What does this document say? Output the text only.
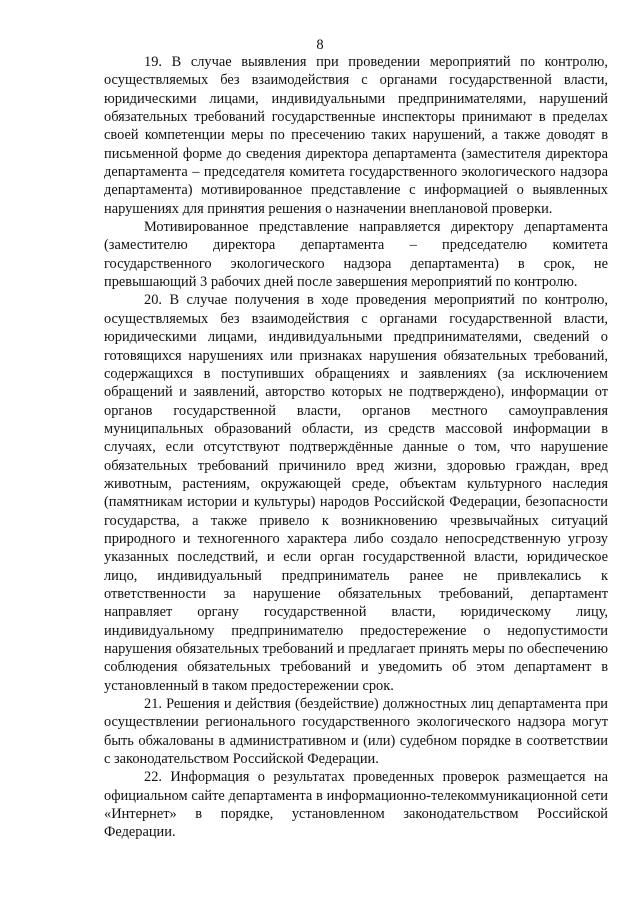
8

19. В случае выявления при проведении мероприятий по контролю, осуществляемых без взаимодействия с органами государственной власти, юридическими лицами, индивидуальными предпринимателями, нарушений обязательных требований государственные инспекторы принимают в пределах своей компетенции меры по пресечению таких нарушений, а также доводят в письменной форме до сведения директора департамента (заместителя директора департамента – председателя комитета государственного экологического надзора департамента) мотивированное представление с информацией о выявленных нарушениях для принятия решения о назначении внеплановой проверки.

Мотивированное представление направляется директору департамента (заместителю директора департамента – председателю комитета государственного экологического надзора департамента) в срок, не превышающий 3 рабочих дней после завершения мероприятий по контролю.

20. В случае получения в ходе проведения мероприятий по контролю, осуществляемых без взаимодействия с органами государственной власти, юридическими лицами, индивидуальными предпринимателями, сведений о готовящихся нарушениях или признаках нарушения обязательных требований, содержащихся в поступивших обращениях и заявлениях (за исключением обращений и заявлений, авторство которых не подтверждено), информации от органов государственной власти, органов местного самоуправления муниципальных образований области, из средств массовой информации в случаях, если отсутствуют подтверждённые данные о том, что нарушение обязательных требований причинило вред жизни, здоровью граждан, вред животным, растениям, окружающей среде, объектам культурного наследия (памятникам истории и культуры) народов Российской Федерации, безопасности государства, а также привело к возникновению чрезвычайных ситуаций природного и техногенного характера либо создало непосредственную угрозу указанных последствий, и если орган государственной власти, юридическое лицо, индивидуальный предприниматель ранее не привлекались к ответственности за нарушение обязательных требований, департамент направляет органу государственной власти, юридическому лицу, индивидуальному предпринимателю предостережение о недопустимости нарушения обязательных требований и предлагает принять меры по обеспечению соблюдения обязательных требований и уведомить об этом департамент в установленный в таком предостережении срок.

21. Решения и действия (бездействие) должностных лиц департамента при осуществлении регионального государственного экологического надзора могут быть обжалованы в административном и (или) судебном порядке в соответствии с законодательством Российской Федерации.

22. Информация о результатах проведенных проверок размещается на официальном сайте департамента в информационно-телекоммуникационной сети «Интернет» в порядке, установленном законодательством Российской Федерации.
